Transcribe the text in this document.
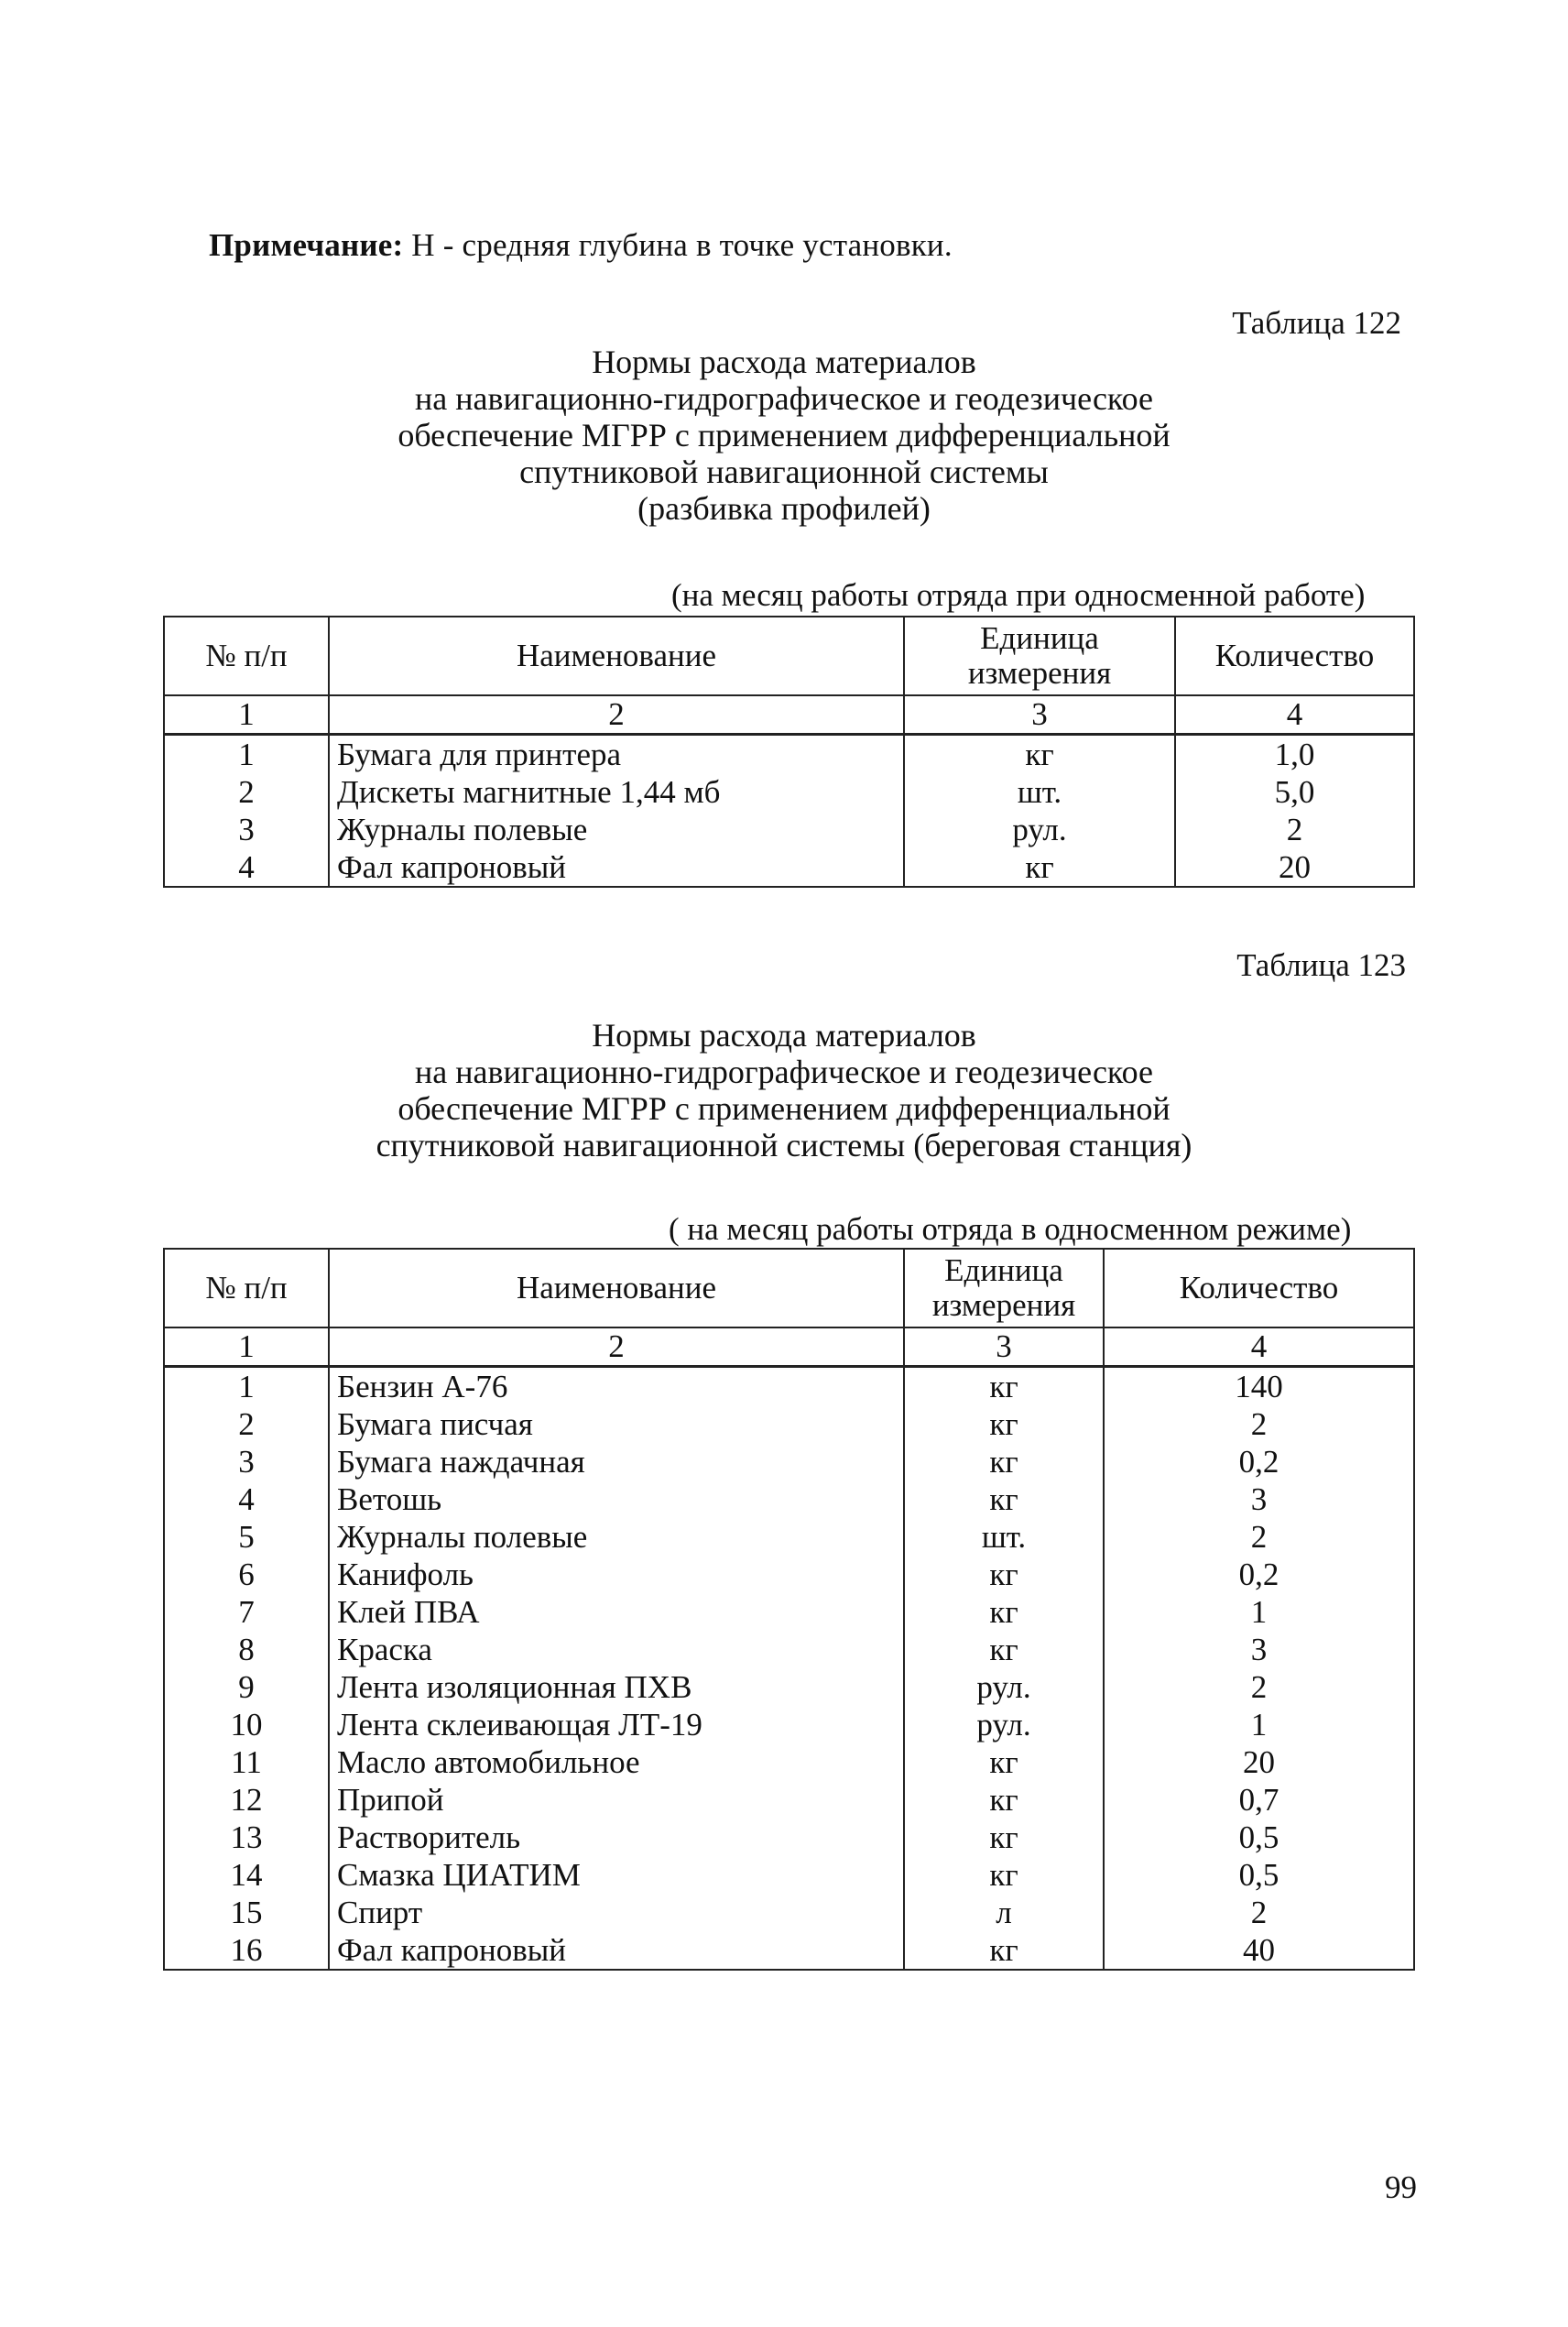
Примечание: Н - средняя глубина в точке установки.
Таблица 122
Нормы расхода материалов
на навигационно-гидрографическое и геодезическое
обеспечение МГРР с применением дифференциальной
спутниковой навигационной системы
(разбивка профилей)
(на месяц работы отряда при односменной работе)
№ п/п	Наименование	Единица измерения	Количество
1	2	3	4
1	Бумага для принтера	кг	1,0
2	Дискеты магнитные 1,44 мб	шт.	5,0
3	Журналы полевые	рул.	2
4	Фал капроновый	кг	20
Таблица 123
Нормы расхода материалов
на навигационно-гидрографическое и геодезическое
обеспечение МГРР с применением дифференциальной
спутниковой навигационной системы (береговая станция)
( на месяц работы отряда в односменном режиме)
№ п/п	Наименование	Единица измерения	Количество
1	2	3	4
1	Бензин А-76	кг	140
2	Бумага писчая	кг	2
3	Бумага наждачная	кг	0,2
4	Ветошь	кг	3
5	Журналы полевые	шт.	2
6	Канифоль	кг	0,2
7	Клей ПВА	кг	1
8	Краска	кг	3
9	Лента изоляционная ПХВ	рул.	2
10	Лента склеивающая ЛТ-19	рул.	1
11	Масло автомобильное	кг	20
12	Припой	кг	0,7
13	Растворитель	кг	0,5
14	Смазка ЦИАТИМ	кг	0,5
15	Спирт	л	2
16	Фал капроновый	кг	40
99
